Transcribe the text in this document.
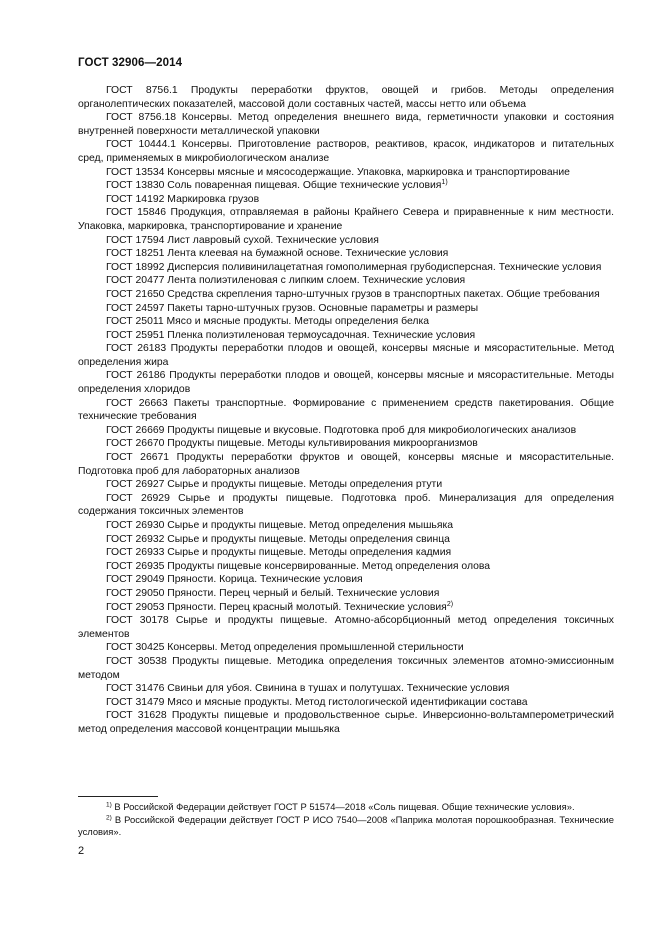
ГОСТ 32906—2014

ГОСТ 8756.1 Продукты переработки фруктов, овощей и грибов. Методы определения органолептических показателей, массовой доли составных частей, массы нетто или объема

ГОСТ 8756.18 Консервы. Метод определения внешнего вида, герметичности упаковки и состояния внутренней поверхности металлической упаковки

ГОСТ 10444.1 Консервы. Приготовление растворов, реактивов, красок, индикаторов и питательных сред, применяемых в микробиологическом анализе

ГОСТ 13534 Консервы мясные и мясосодержащие. Упаковка, маркировка и транспортирование

ГОСТ 13830 Соль поваренная пищевая. Общие технические условия$^{1)}$

ГОСТ 14192 Маркировка грузов

ГОСТ 15846 Продукция, отправляемая в районы Крайнего Севера и приравненные к ним местности. Упаковка, маркировка, транспортирование и хранение

ГОСТ 17594 Лист лавровый сухой. Технические условия

ГОСТ 18251 Лента клеевая на бумажной основе. Технические условия

ГОСТ 18992 Дисперсия поливинилацетатная гомополимерная грубодисперсная. Технические условия

ГОСТ 20477 Лента полиэтиленовая с липким слоем. Технические условия

ГОСТ 21650 Средства скрепления тарно-штучных грузов в транспортных пакетах. Общие требования

ГОСТ 24597 Пакеты тарно-штучных грузов. Основные параметры и размеры

ГОСТ 25011 Мясо и мясные продукты. Методы определения белка

ГОСТ 25951 Пленка полиэтиленовая термоусадочная. Технические условия

ГОСТ 26183 Продукты переработки плодов и овощей, консервы мясные и мясорастительные. Метод определения жира

ГОСТ 26186 Продукты переработки плодов и овощей, консервы мясные и мясорастительные. Методы определения хлоридов

ГОСТ 26663 Пакеты транспортные. Формирование с применением средств пакетирования. Общие технические требования

ГОСТ 26669 Продукты пищевые и вкусовые. Подготовка проб для микробиологических анализов

ГОСТ 26670 Продукты пищевые. Методы культивирования микроорганизмов

ГОСТ 26671 Продукты переработки фруктов и овощей, консервы мясные и мясорастительные. Подготовка проб для лабораторных анализов

ГОСТ 26927 Сырье и продукты пищевые. Методы определения ртути

ГОСТ 26929 Сырье и продукты пищевые. Подготовка проб. Минерализация для определения содержания токсичных элементов

ГОСТ 26930 Сырье и продукты пищевые. Метод определения мышьяка

ГОСТ 26932 Сырье и продукты пищевые. Методы определения свинца

ГОСТ 26933 Сырье и продукты пищевые. Методы определения кадмия

ГОСТ 26935 Продукты пищевые консервированные. Метод определения олова

ГОСТ 29049 Пряности. Корица. Технические условия

ГОСТ 29050 Пряности. Перец черный и белый. Технические условия

ГОСТ 29053 Пряности. Перец красный молотый. Технические условия$^{2)}$

ГОСТ 30178 Сырье и продукты пищевые. Атомно-абсорбционный метод определения токсичных элементов

ГОСТ 30425 Консервы. Метод определения промышленной стерильности

ГОСТ 30538 Продукты пищевые. Методика определения токсичных элементов атомно-эмиссионным методом

ГОСТ 31476 Свиньи для убоя. Свинина в тушах и полутушах. Технические условия

ГОСТ 31479 Мясо и мясные продукты. Метод гистологической идентификации состава

ГОСТ 31628 Продукты пищевые и продовольственное сырье. Инверсионно-вольтамперометрический метод определения массовой концентрации мышьяка

$^{1)}$ В Российской Федерации действует ГОСТ Р 51574—2018 «Соль пищевая. Общие технические условия».

$^{2)}$ В Российской Федерации действует ГОСТ Р ИСО 7540—2008 «Паприка молотая порошкообразная. Технические условия».

2
